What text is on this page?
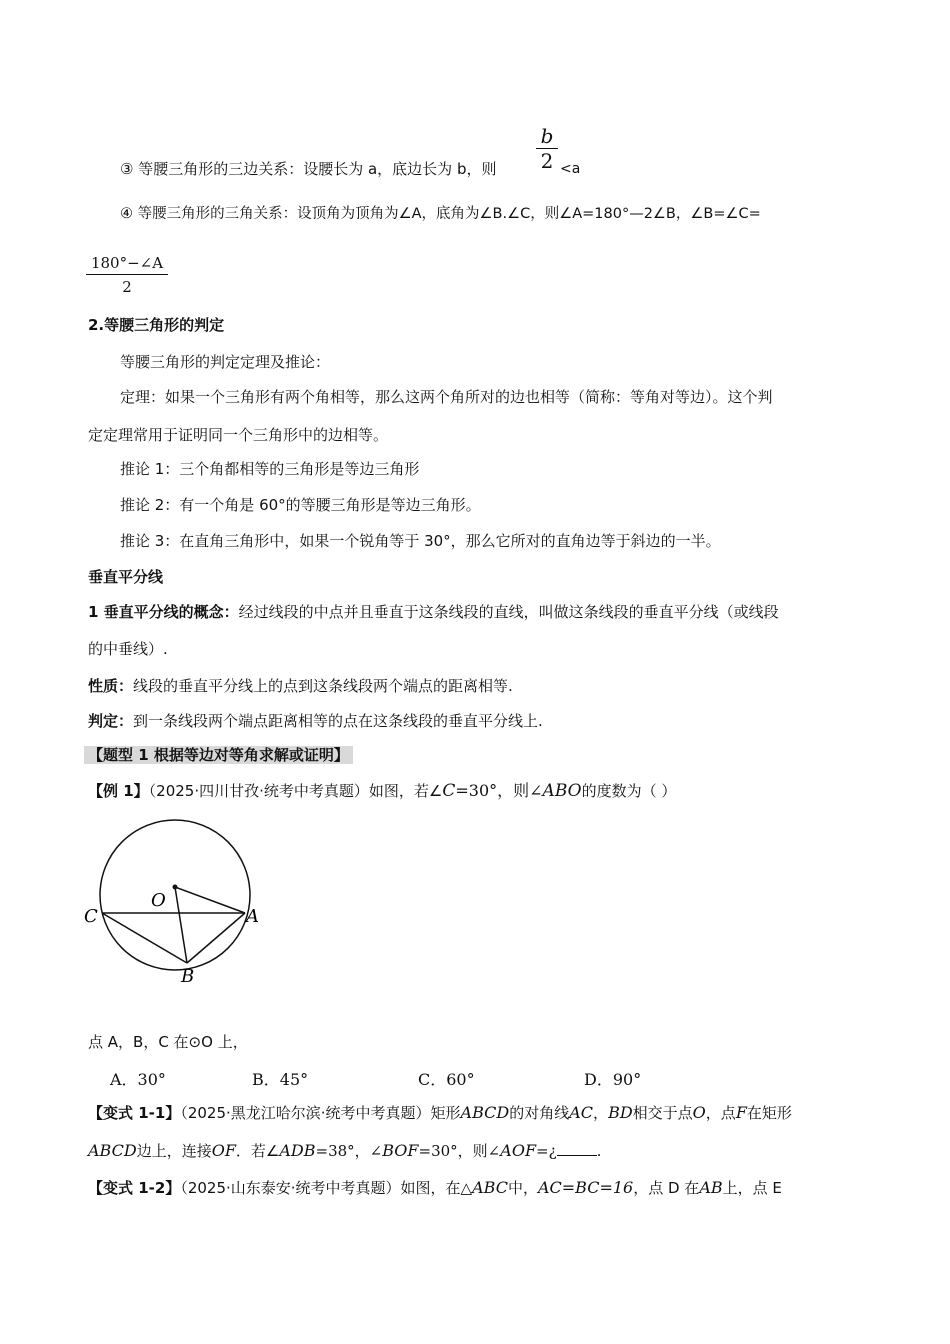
③ 等腰三角形的三边关系：设腰长为 a，底边长为 b，则
b
2 <a
④ 等腰三角形的三角关系：设顶角为顶角为∠A，底角为∠B.∠C，则∠A=180°—2∠B，∠B=∠C=
180°−∠A
2
2.等腰三角形的判定
等腰三角形的判定定理及推论：
定理：如果一个三角形有两个角相等，那么这两个角所对的边也相等（简称：等角对等边）。这个判
定定理常用于证明同一个三角形中的边相等。
推论 1：三个角都相等的三角形是等边三角形
推论 2：有一个角是 60°的等腰三角形是等边三角形。
推论 3：在直角三角形中，如果一个锐角等于 30°，那么它所对的直角边等于斜边的一半。
垂直平分线
1 垂直平分线的概念：经过线段的中点并且垂直于这条线段的直线，叫做这条线段的垂直平分线（或线段
的中垂线）.
性质：线段的垂直平分线上的点到这条线段两个端点的距离相等.
判定：到一条线段两个端点距离相等的点在这条线段的垂直平分线上.
【题型 1 根据等边对等角求解或证明】
【例 1】（2025·四川甘孜·统考中考真题）如图，若∠C=30°，则∠ABO的度数为（ ）
O
C	A
B
点 A，B，C 在⊙O 上，
A．30°	B．45°	C．60°	D．90°
【变式 1-1】（2025·黑龙江哈尔滨·统考中考真题）矩形ABCD的对角线AC，BD相交于点O，点F在矩形
ABCD边上，连接OF．若∠ADB=38°，∠BOF=30°，则∠AOF=¿	.
【变式 1-2】（2025·山东泰安·统考中考真题）如图，在△ABC中，AC=BC=16，点 D 在AB上，点 E
